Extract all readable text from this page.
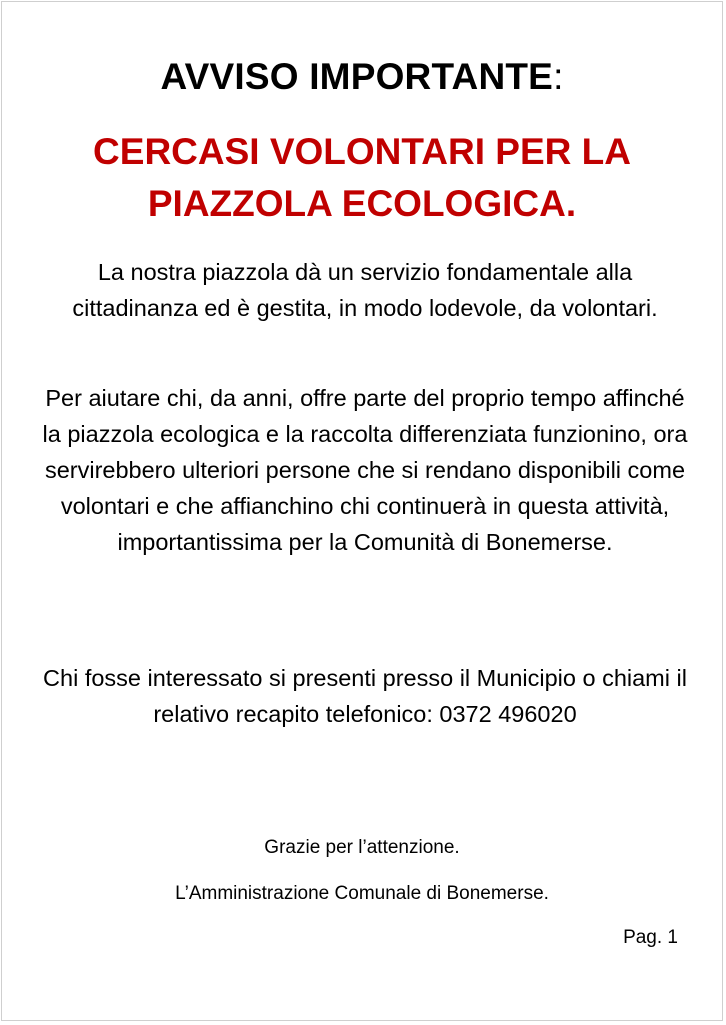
AVVISO IMPORTANTE:
CERCASI VOLONTARI PER LA
PIAZZOLA ECOLOGICA.

La nostra piazzola dà un servizio fondamentale alla cittadinanza ed è gestita, in modo lodevole, da volontari.

Per aiutare chi, da anni, offre parte del proprio tempo affinché la piazzola ecologica e la raccolta differenziata funzionino, ora servirebbero ulteriori persone che si rendano disponibili come volontari e che affianchino chi continuerà in questa attività, importantissima per la Comunità di Bonemerse.

Chi fosse interessato si presenti presso il Municipio o chiami il relativo recapito telefonico: 0372 496020

Grazie per l’attenzione.

L’Amministrazione Comunale di Bonemerse.

Pag. 1
